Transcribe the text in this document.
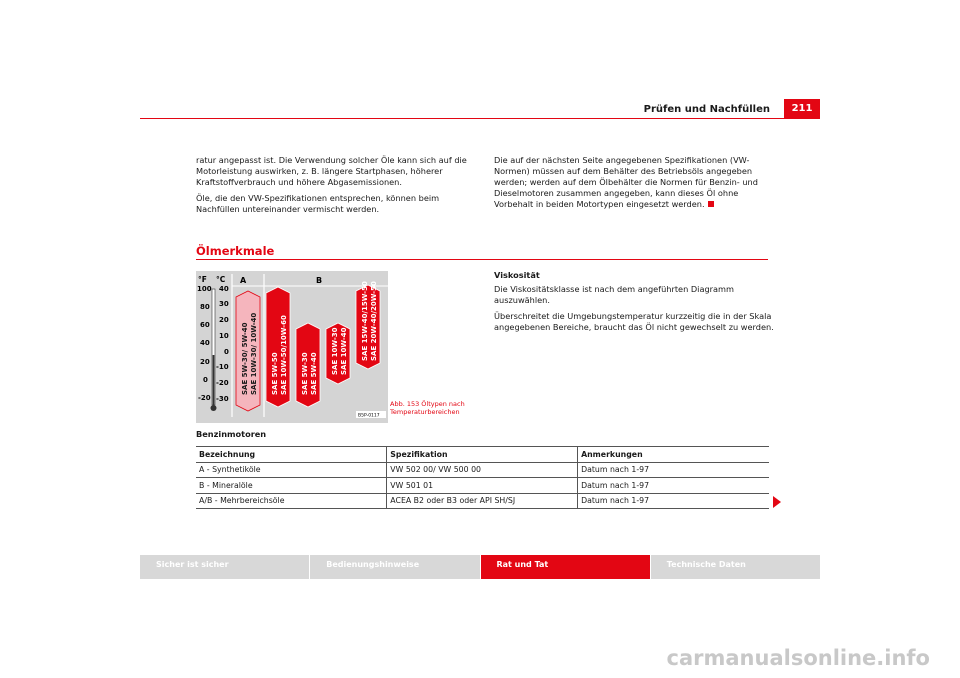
Prüfen und Nachfüllen	211

ratur angepasst ist. Die Verwendung solcher Öle kann sich auf die Motorleistung auswirken, z. B. längere Startphasen, höherer Kraftstoffverbrauch und höhere Abgasemissionen.

Öle, die den VW-Spezifikationen entsprechen, können beim Nachfüllen untereinander vermischt werden.

Die auf der nächsten Seite angegebenen Spezifikationen (VW-Normen) müssen auf dem Behälter des Betriebsöls angegeben werden; werden auf dem Ölbehälter die Normen für Benzin- und Dieselmotoren zusammen angegeben, kann dieses Öl ohne Vorbehalt in beiden Motortypen eingesetzt werden.

Ölmerkmale
°F °C A	B
100
80
60
40
20
0
-20
40
30
20
10
0
-10
-20
-30
SAE 5W-30/ 5W-40 SAE 10W-30/ 10W-40 SAE 5W-50 SAE 10W-50/10W-60 SAE 5W-30 SAE 5W-40 SAE 10W-30 SAE 10W-40 SAE 15W-40/15W-50 SAE 20W-40/20W-50
B5P-0117
Abb. 153 Öltypen nach Temperaturbereichen
Viskosität

Die Viskositätsklasse ist nach dem angeführten Diagramm auszuwählen.

Überschreitet die Umgebungstemperatur kurzzeitig die in der Skala angegebenen Bereiche, braucht das Öl nicht gewechselt zu werden.

Benzinmotoren
Bezeichnung	Spezifikation	Anmerkungen
A - Synthetiköle	VW 502 00/ VW 500 00	Datum nach 1-97
B - Mineralöle	VW 501 01	Datum nach 1-97
A/B - Mehrbereichsöle	ACEA B2 oder B3 oder API SH/SJ	Datum nach 1-97
Sicher ist sicher	Bedienungshinweise	Rat und Tat	Technische Daten
carmanualsonline.info
